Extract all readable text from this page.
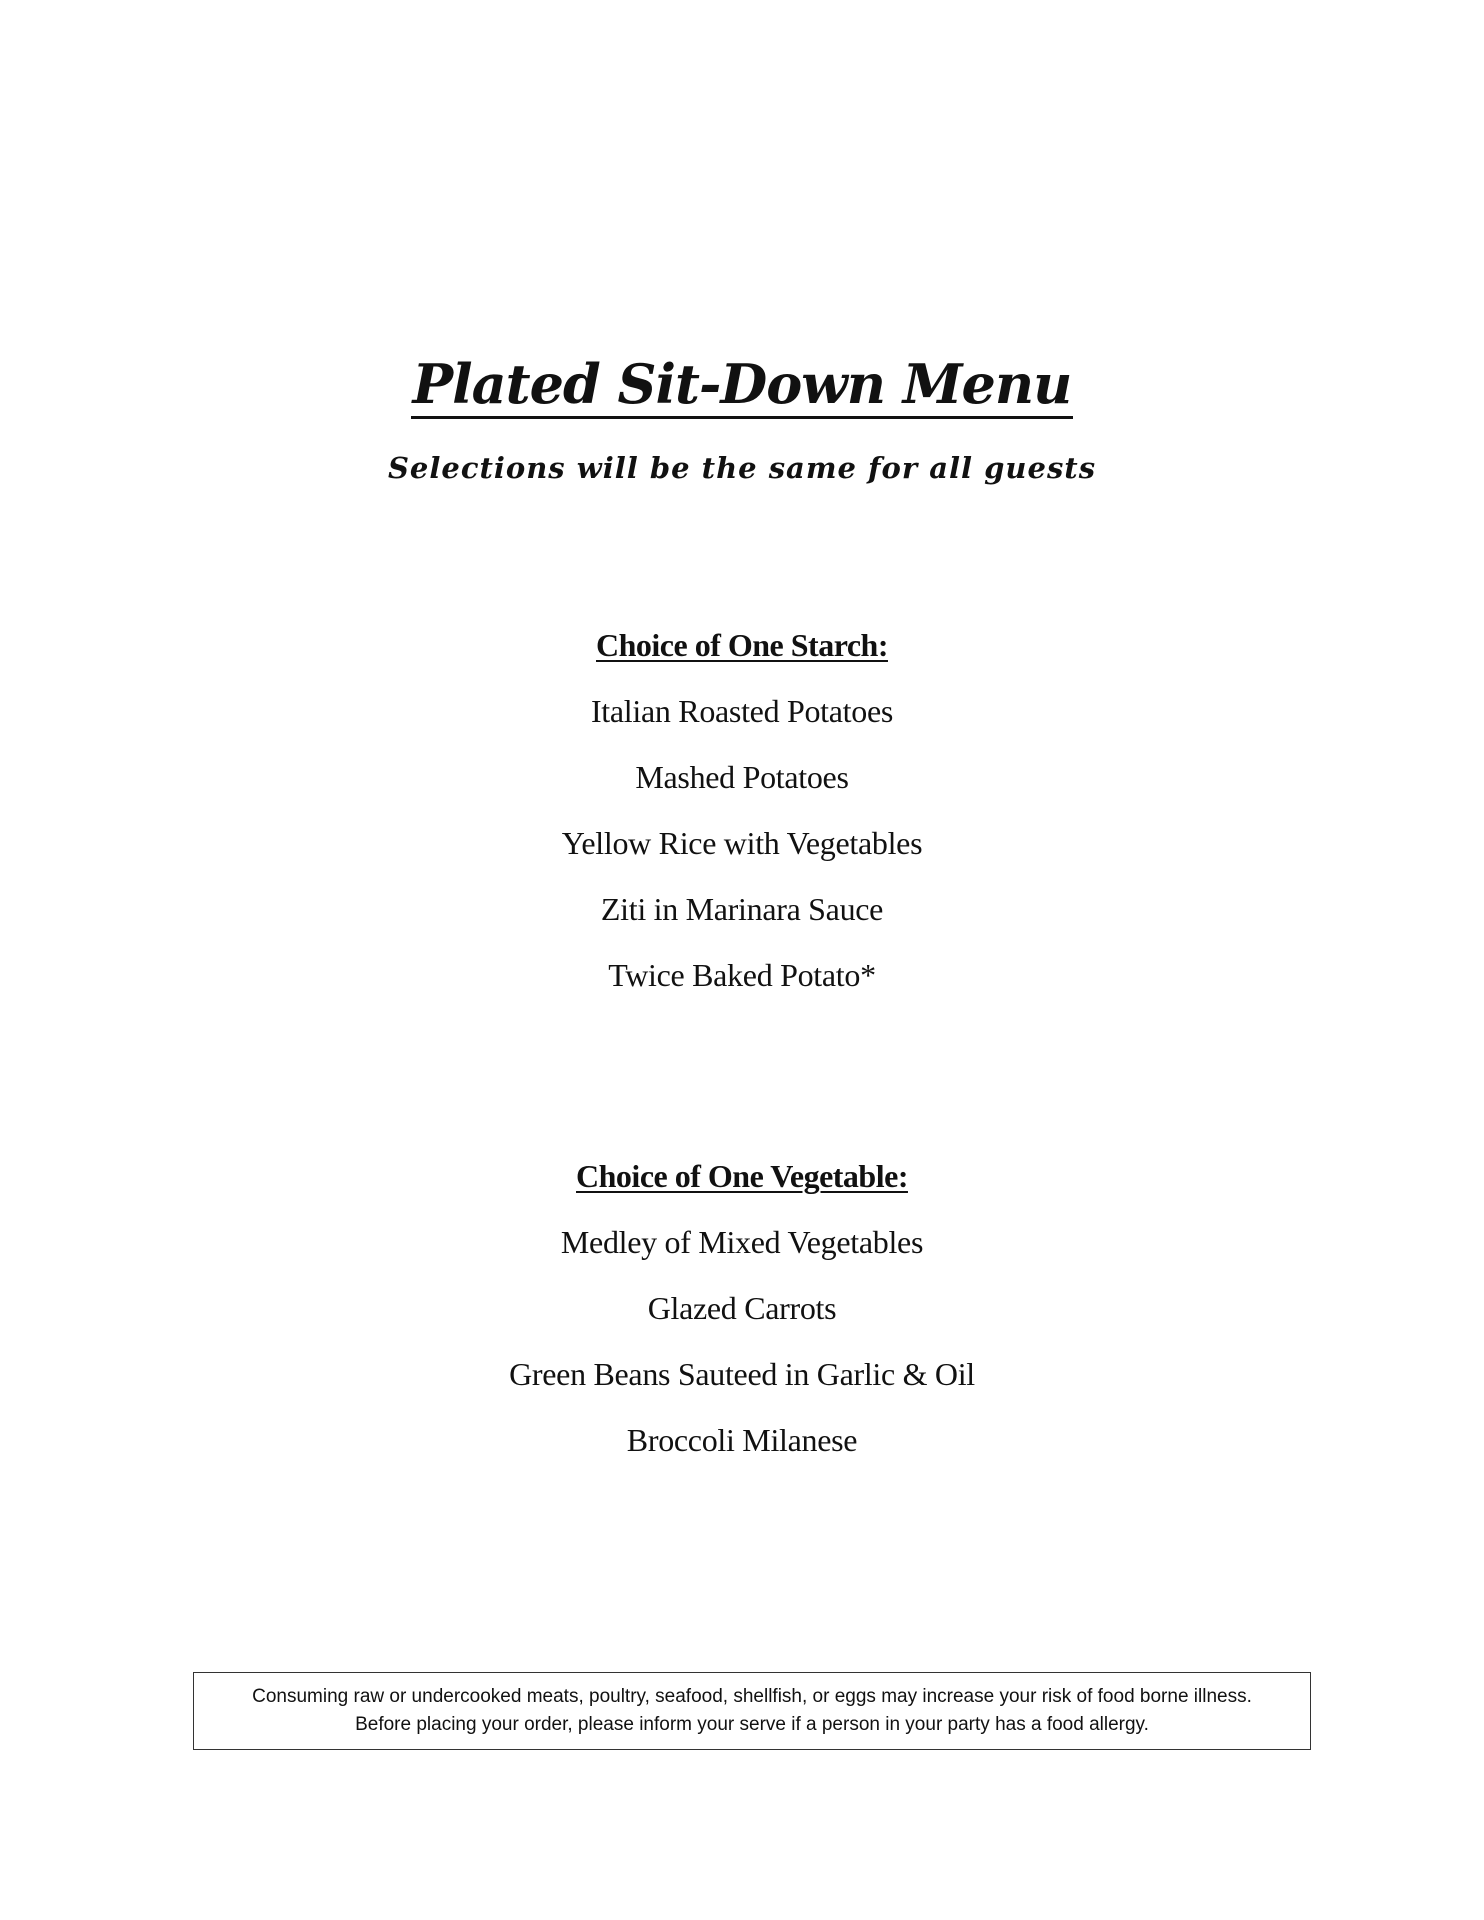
Plated Sit-Down Menu
Selections will be the same for all guests
Choice of One Starch:
Italian Roasted Potatoes
Mashed Potatoes
Yellow Rice with Vegetables
Ziti in Marinara Sauce
Twice Baked Potato*
Choice of One Vegetable:
Medley of Mixed Vegetables
Glazed Carrots
Green Beans Sauteed in Garlic & Oil
Broccoli Milanese
Consuming raw or undercooked meats, poultry, seafood, shellfish, or eggs may increase your risk of food borne illness.
Before placing your order, please inform your serve if a person in your party has a food allergy.
